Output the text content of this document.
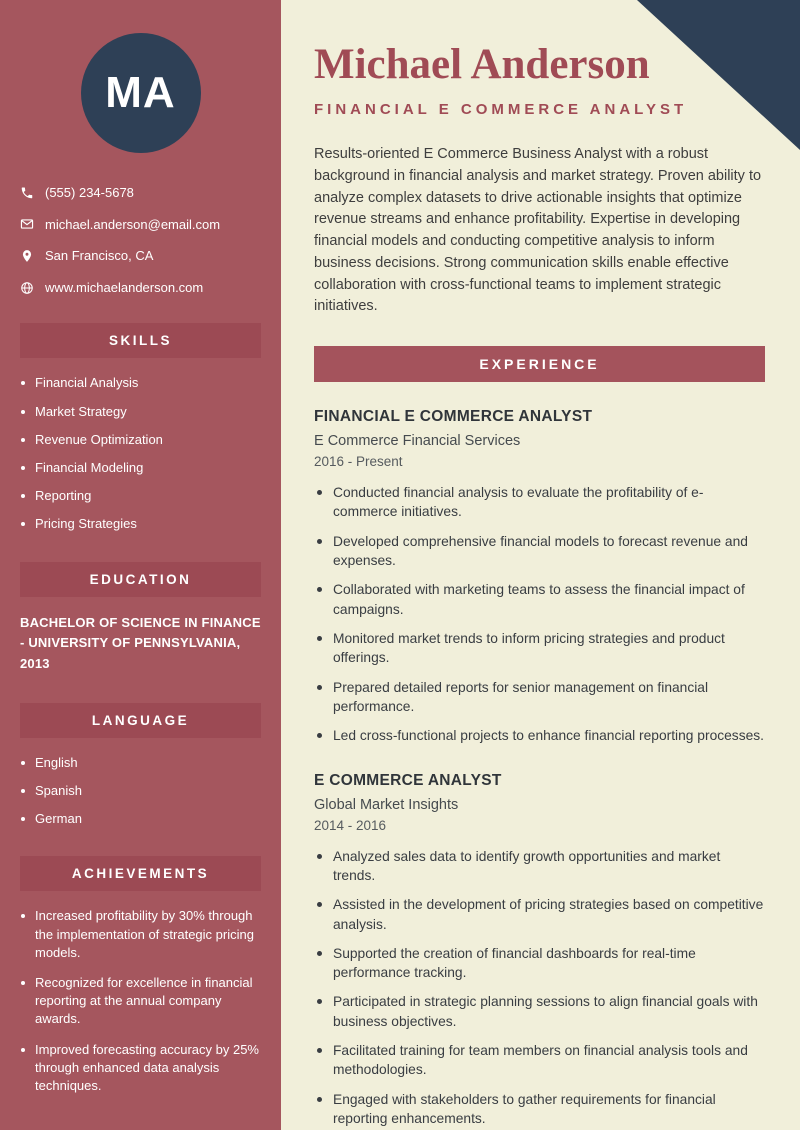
MA
(555) 234-5678
michael.anderson@email.com
San Francisco, CA
www.michaelanderson.com
SKILLS
Financial Analysis
Market Strategy
Revenue Optimization
Financial Modeling
Reporting
Pricing Strategies
EDUCATION

BACHELOR OF SCIENCE IN FINANCE - UNIVERSITY OF PENNSYLVANIA, 2013

LANGUAGE
English
Spanish
German
ACHIEVEMENTS
Increased profitability by 30% through the implementation of strategic pricing models.
Recognized for excellence in financial reporting at the annual company awards.
Improved forecasting accuracy by 25% through enhanced data analysis techniques.
Michael Anderson
FINANCIAL E COMMERCE ANALYST

Results-oriented E Commerce Business Analyst with a robust background in financial analysis and market strategy. Proven ability to analyze complex datasets to drive actionable insights that optimize revenue streams and enhance profitability. Expertise in developing financial models and conducting competitive analysis to inform business decisions. Strong communication skills enable effective collaboration with cross-functional teams to implement strategic initiatives.

EXPERIENCE
FINANCIAL E COMMERCE ANALYST
E Commerce Financial Services
2016 - Present
Conducted financial analysis to evaluate the profitability of e-commerce initiatives.
Developed comprehensive financial models to forecast revenue and expenses.
Collaborated with marketing teams to assess the financial impact of campaigns.
Monitored market trends to inform pricing strategies and product offerings.
Prepared detailed reports for senior management on financial performance.
Led cross-functional projects to enhance financial reporting processes.
E COMMERCE ANALYST
Global Market Insights
2014 - 2016
Analyzed sales data to identify growth opportunities and market trends.
Assisted in the development of pricing strategies based on competitive analysis.
Supported the creation of financial dashboards for real-time performance tracking.
Participated in strategic planning sessions to align financial goals with business objectives.
Facilitated training for team members on financial analysis tools and methodologies.
Engaged with stakeholders to gather requirements for financial reporting enhancements.
